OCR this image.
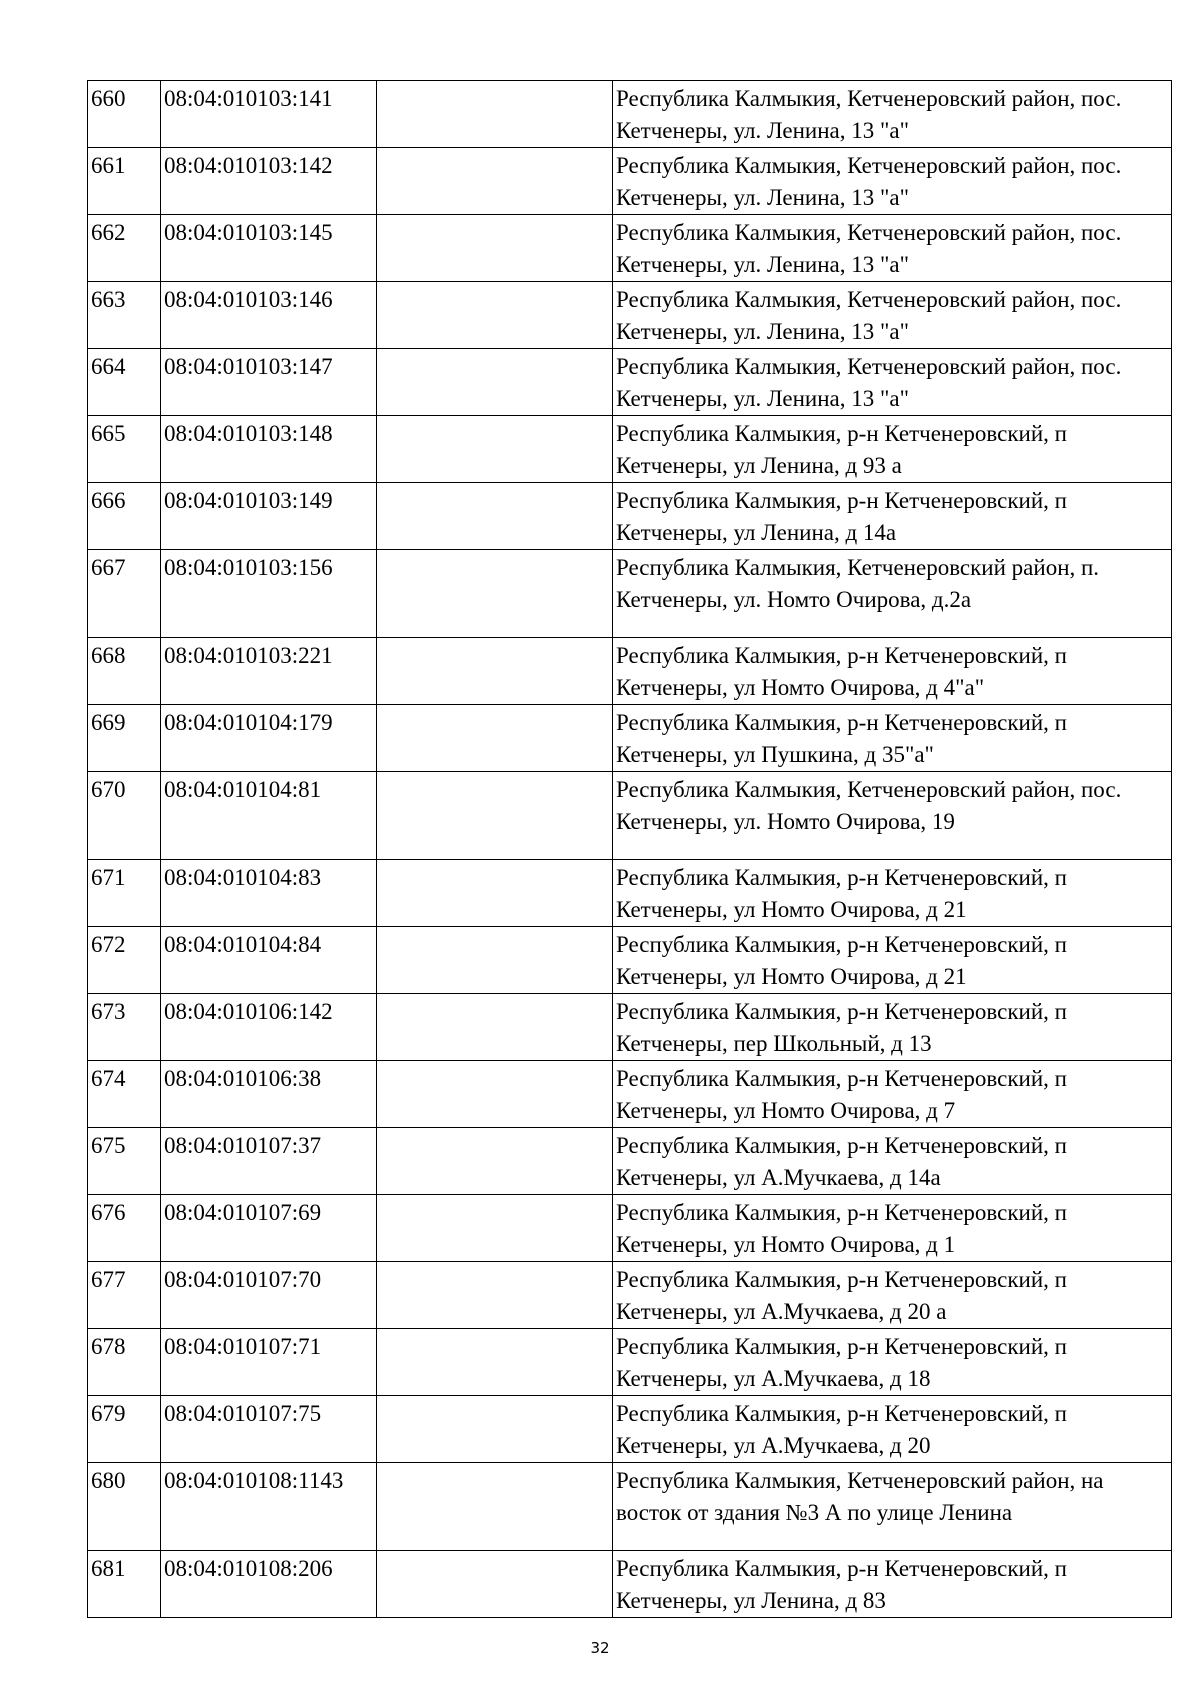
660	08:04:010103:141		Республика Калмыкия, Кетченеровский район, пос. Кетченеры, ул. Ленина, 13 "а"
661	08:04:010103:142		Республика Калмыкия, Кетченеровский район, пос. Кетченеры, ул. Ленина, 13 "а"
662	08:04:010103:145		Республика Калмыкия, Кетченеровский район, пос. Кетченеры, ул. Ленина, 13 "а"
663	08:04:010103:146		Республика Калмыкия, Кетченеровский район, пос. Кетченеры, ул. Ленина, 13 "а"
664	08:04:010103:147		Республика Калмыкия, Кетченеровский район, пос. Кетченеры, ул. Ленина, 13 "а"
665	08:04:010103:148		Республика Калмыкия, р-н Кетченеровский, п Кетченеры, ул Ленина, д 93 а
666	08:04:010103:149		Республика Калмыкия, р-н Кетченеровский, п Кетченеры, ул Ленина, д 14а
667	08:04:010103:156		Республика Калмыкия, Кетченеровский район, п. Кетченеры, ул. Номто Очирова, д.2а
668	08:04:010103:221		Республика Калмыкия, р-н Кетченеровский, п Кетченеры, ул Номто Очирова, д 4"а"
669	08:04:010104:179		Республика Калмыкия, р-н Кетченеровский, п Кетченеры, ул Пушкина, д 35"а"
670	08:04:010104:81		Республика Калмыкия, Кетченеровский район, пос. Кетченеры, ул. Номто Очирова, 19
671	08:04:010104:83		Республика Калмыкия, р-н Кетченеровский, п Кетченеры, ул Номто Очирова, д 21
672	08:04:010104:84		Республика Калмыкия, р-н Кетченеровский, п Кетченеры, ул Номто Очирова, д 21
673	08:04:010106:142		Республика Калмыкия, р-н Кетченеровский, п Кетченеры, пер Школьный, д 13
674	08:04:010106:38		Республика Калмыкия, р-н Кетченеровский, п Кетченеры, ул Номто Очирова, д 7
675	08:04:010107:37		Республика Калмыкия, р-н Кетченеровский, п Кетченеры, ул А.Мучкаева, д 14а
676	08:04:010107:69		Республика Калмыкия, р-н Кетченеровский, п Кетченеры, ул Номто Очирова, д 1
677	08:04:010107:70		Республика Калмыкия, р-н Кетченеровский, п Кетченеры, ул А.Мучкаева, д 20 а
678	08:04:010107:71		Республика Калмыкия, р-н Кетченеровский, п Кетченеры, ул А.Мучкаева, д 18
679	08:04:010107:75		Республика Калмыкия, р-н Кетченеровский, п Кетченеры, ул А.Мучкаева, д 20
680	08:04:010108:1143		Республика Калмыкия, Кетченеровский район, на восток от здания №3 А по улице Ленина
681	08:04:010108:206		Республика Калмыкия, р-н Кетченеровский, п Кетченеры, ул Ленина, д 83
32
